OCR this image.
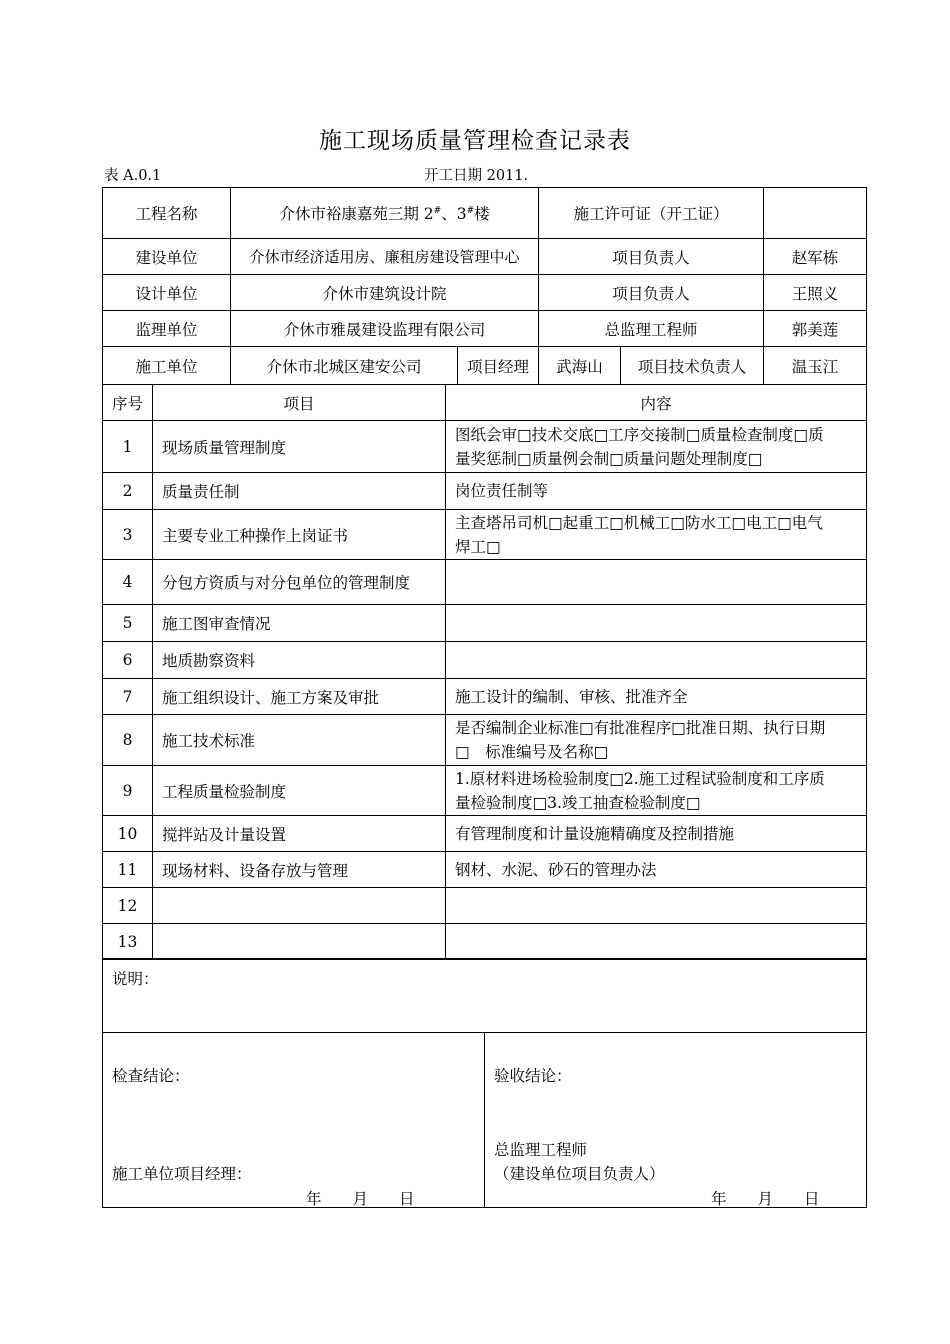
施工现场质量管理检查记录表
表 A.0.1	开工日期 2011.
工程名称	介休市裕康嘉苑三期 2#、3#楼		施工许可证（开工证）		
建设单位	介休市经济适用房、廉租房建设管理中心		项目负责人		赵军栋
设计单位	介休市建筑设计院		项目负责人		王照义
监理单位	介休市雅晟建设监理有限公司		总监理工程师		郭美莲
施工单位	介休市北城区建安公司	项目经理	武海山	项目技术负责人	温玉江
序号	项目	内容
1	现场质量管理制度	图纸会审□技术交底□工序交接制□质量检查制度□质
量奖惩制□质量例会制□质量问题处理制度□

2	质量责任制	岗位责任制等

3	主要专业工种操作上岗证书	主查塔吊司机□起重工□机械工□防水工□电工□电气
焊工□

4	分包方资质与对分包单位的管理制度	

5	施工图审查情况	

6	地质勘察资料	

7	施工组织设计、施工方案及审批	施工设计的编制、审核、批准齐全

8	施工技术标准	是否编制企业标准□有批准程序□批准日期、执行日期
□　标准编号及名称□

9	工程质量检验制度	1.原材料进场检验制度□2.施工过程试验制度和工序质
量检验制度□3.竣工抽查检验制度□

10	搅拌站及计量设置	有管理制度和计量设施精确度及控制措施

11	现场材料、设备存放与管理	钢材、水泥、砂石的管理办法

12		

13		
说明：

检查结论：
施工单位项目经理：
年　　月　　日

验收结论：
总监理工程师
（建设单位项目负责人）
年　　月　　日
